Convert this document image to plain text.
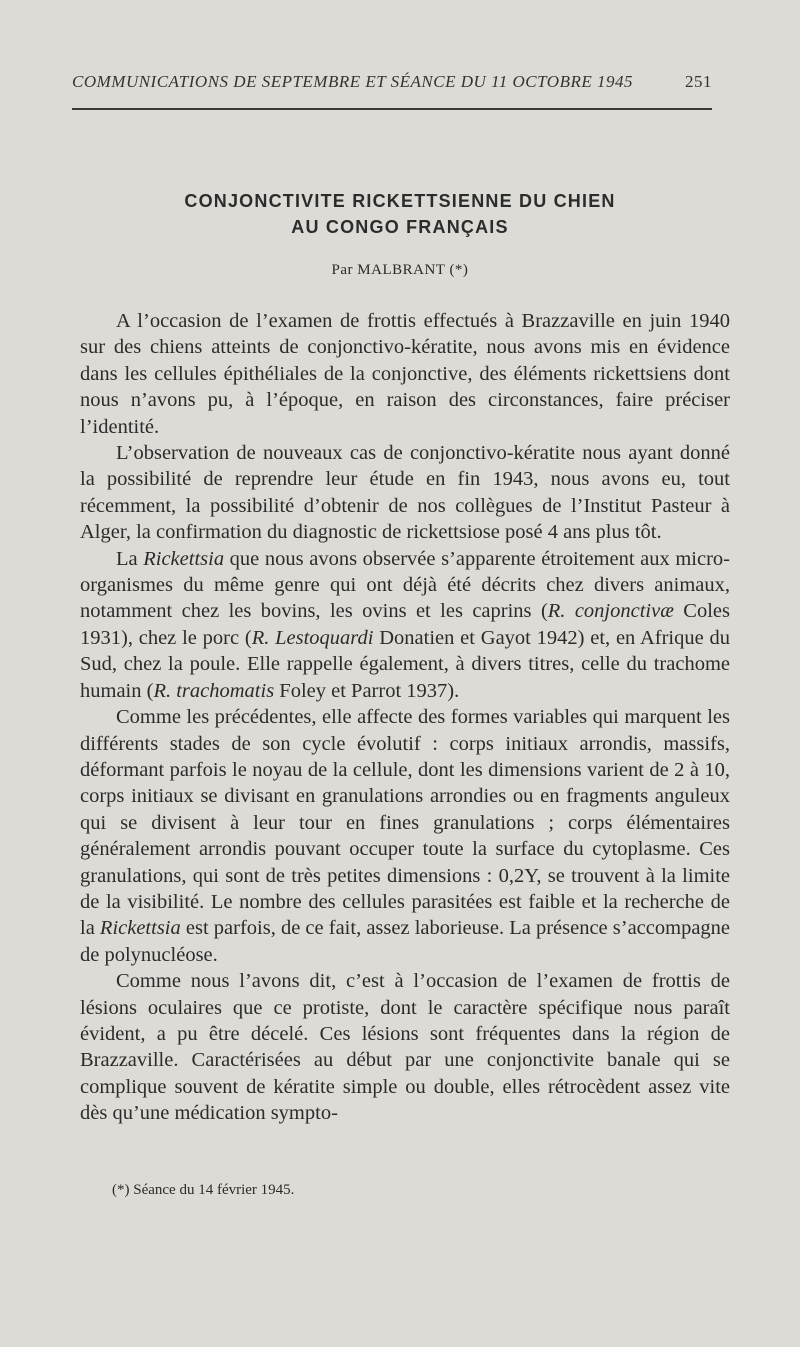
COMMUNICATIONS DE SEPTEMBRE ET SÉANCE DU 11 OCTOBRE 1945	251
CONJONCTIVITE RICKETTSIENNE DU CHIEN
AU CONGO FRANÇAIS
Par MALBRANT (*)

A l’occasion de l’examen de frottis effectués à Brazzaville en juin 1940 sur des chiens atteints de conjonctivo-kératite, nous avons mis en évidence dans les cellules épithéliales de la conjonctive, des éléments rickettsiens dont nous n’avons pu, à l’époque, en raison des circonstances, faire préciser l’identité.

L’observation de nouveaux cas de conjonctivo-kératite nous ayant donné la possibilité de reprendre leur étude en fin 1943, nous avons eu, tout récemment, la possibilité d’obtenir de nos collègues de l’Institut Pasteur à Alger, la confirmation du diagnostic de rickettsiose posé 4 ans plus tôt.

La Rickettsia que nous avons observée s’apparente étroitement aux micro-organismes du même genre qui ont déjà été décrits chez divers animaux, notamment chez les bovins, les ovins et les caprins (R. conjonctivæ Coles 1931), chez le porc (R. Lestoquardi Donatien et Gayot 1942) et, en Afrique du Sud, chez la poule. Elle rappelle également, à divers titres, celle du trachome humain (R. trachomatis Foley et Parrot 1937).

Comme les précédentes, elle affecte des formes variables qui marquent les différents stades de son cycle évolutif : corps initiaux arrondis, massifs, déformant parfois le noyau de la cellule, dont les dimensions varient de 2 à 10, corps initiaux se divisant en granulations arrondies ou en fragments anguleux qui se divisent à leur tour en fines granulations ; corps élémentaires généralement arrondis pouvant occuper toute la surface du cytoplasme. Ces granulations, qui sont de très petites dimensions : 0,2Y, se trouvent à la limite de la visibilité. Le nombre des cellules parasitées est faible et la recherche de la Rickettsia est parfois, de ce fait, assez laborieuse. La présence s’accompagne de polynucléose.

Comme nous l’avons dit, c’est à l’occasion de l’examen de frottis de lésions oculaires que ce protiste, dont le caractère spécifique nous paraît évident, a pu être décelé. Ces lésions sont fréquentes dans la région de Brazzaville. Caractérisées au début par une conjonctivite banale qui se complique souvent de kératite simple ou double, elles rétrocèdent assez vite dès qu’une médication sympto-

(*) Séance du 14 février 1945.
